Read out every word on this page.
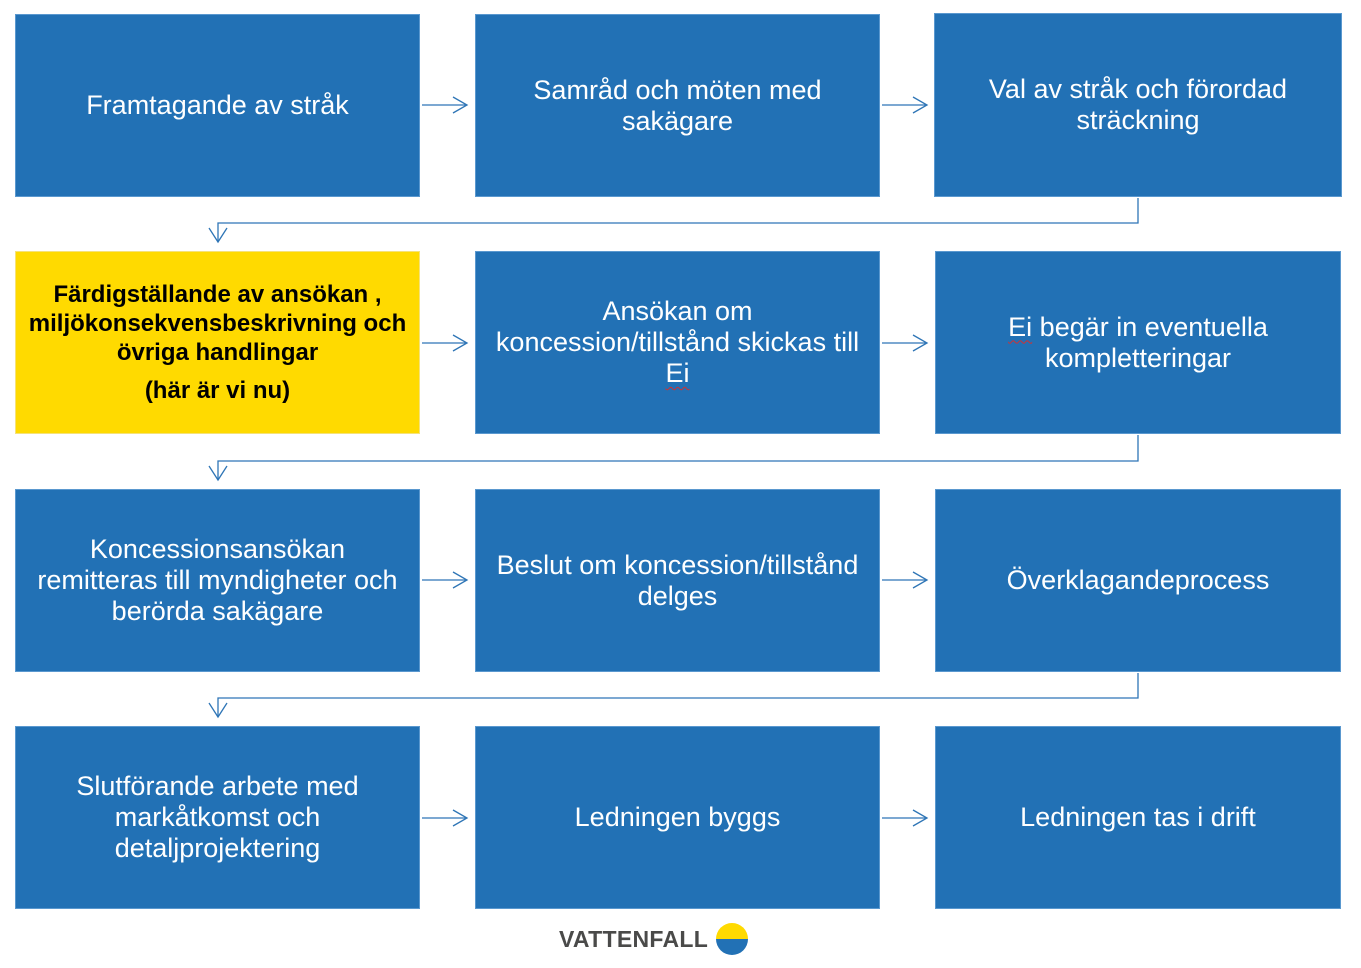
Framtagande av stråk
Samråd och möten med sakägare
Val av stråk och förordad sträckning
Färdigställande av ansökan , miljökonsekvensbeskrivning och övriga handlingar
(här är vi nu)
Ansökan om koncession/tillstånd skickas till Ei
Ei begär in eventuella kompletteringar
Koncessionsansökan remitteras till myndigheter och berörda sakägare
Beslut om koncession/tillstånd delges
Överklagandeprocess
Slutförande arbete med markåtkomst och detaljprojektering
Ledningen byggs	Ledningen tas i drift
VATTENFALL
